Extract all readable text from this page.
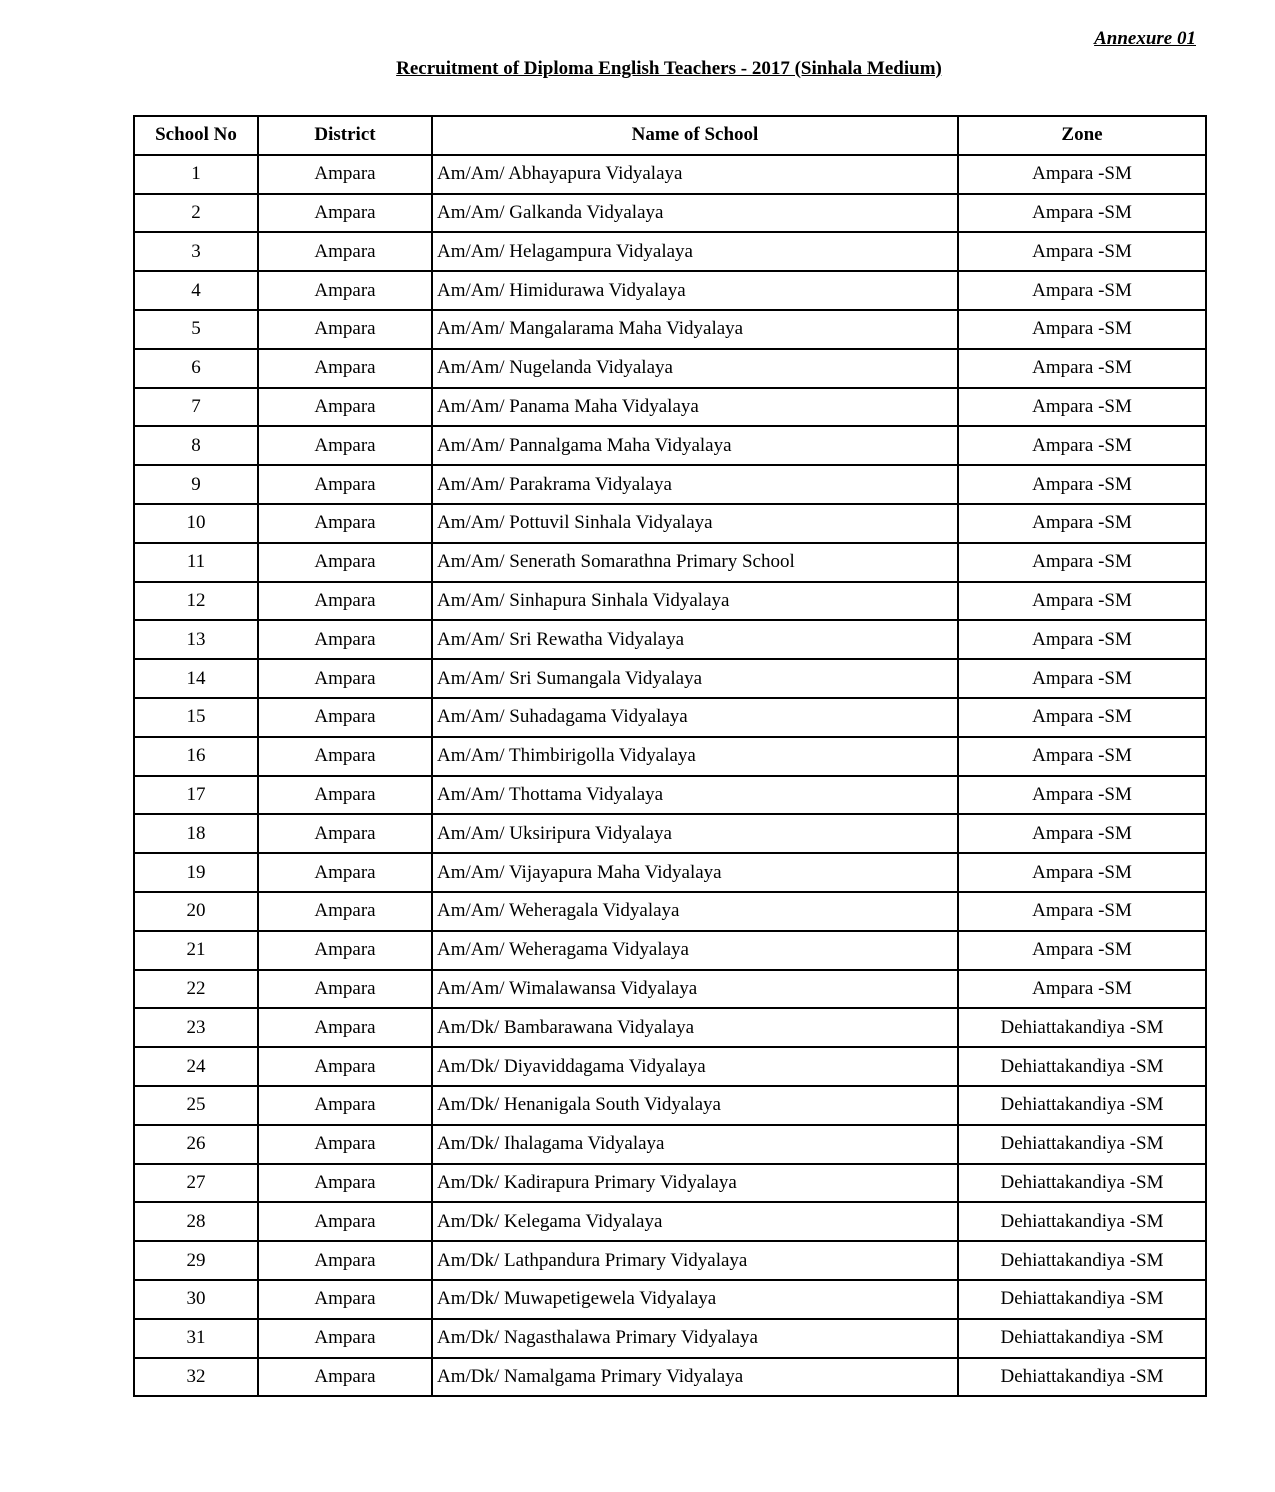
Annexure 01
Recruitment of Diploma English Teachers - 2017 (Sinhala Medium)
School No	District	Name of School	Zone
1	Ampara	Am/Am/ Abhayapura Vidyalaya	Ampara -SM
2	Ampara	Am/Am/ Galkanda Vidyalaya	Ampara -SM
3	Ampara	Am/Am/ Helagampura Vidyalaya	Ampara -SM
4	Ampara	Am/Am/ Himidurawa Vidyalaya	Ampara -SM
5	Ampara	Am/Am/ Mangalarama Maha Vidyalaya	Ampara -SM
6	Ampara	Am/Am/ Nugelanda Vidyalaya	Ampara -SM
7	Ampara	Am/Am/ Panama Maha Vidyalaya	Ampara -SM
8	Ampara	Am/Am/ Pannalgama Maha Vidyalaya	Ampara -SM
9	Ampara	Am/Am/ Parakrama Vidyalaya	Ampara -SM
10	Ampara	Am/Am/ Pottuvil Sinhala Vidyalaya	Ampara -SM
11	Ampara	Am/Am/ Senerath Somarathna Primary School	Ampara -SM
12	Ampara	Am/Am/ Sinhapura Sinhala Vidyalaya	Ampara -SM
13	Ampara	Am/Am/ Sri Rewatha Vidyalaya	Ampara -SM
14	Ampara	Am/Am/ Sri Sumangala Vidyalaya	Ampara -SM
15	Ampara	Am/Am/ Suhadagama Vidyalaya	Ampara -SM
16	Ampara	Am/Am/ Thimbirigolla Vidyalaya	Ampara -SM
17	Ampara	Am/Am/ Thottama Vidyalaya	Ampara -SM
18	Ampara	Am/Am/ Uksiripura Vidyalaya	Ampara -SM
19	Ampara	Am/Am/ Vijayapura Maha Vidyalaya	Ampara -SM
20	Ampara	Am/Am/ Weheragala Vidyalaya	Ampara -SM
21	Ampara	Am/Am/ Weheragama Vidyalaya	Ampara -SM
22	Ampara	Am/Am/ Wimalawansa Vidyalaya	Ampara -SM
23	Ampara	Am/Dk/ Bambarawana Vidyalaya	Dehiattakandiya -SM
24	Ampara	Am/Dk/ Diyaviddagama Vidyalaya	Dehiattakandiya -SM
25	Ampara	Am/Dk/ Henanigala South Vidyalaya	Dehiattakandiya -SM
26	Ampara	Am/Dk/ Ihalagama Vidyalaya	Dehiattakandiya -SM
27	Ampara	Am/Dk/ Kadirapura Primary Vidyalaya	Dehiattakandiya -SM
28	Ampara	Am/Dk/ Kelegama Vidyalaya	Dehiattakandiya -SM
29	Ampara	Am/Dk/ Lathpandura Primary Vidyalaya	Dehiattakandiya -SM
30	Ampara	Am/Dk/ Muwapetigewela Vidyalaya	Dehiattakandiya -SM
31	Ampara	Am/Dk/ Nagasthalawa Primary Vidyalaya	Dehiattakandiya -SM
32	Ampara	Am/Dk/ Namalgama Primary Vidyalaya	Dehiattakandiya -SM
